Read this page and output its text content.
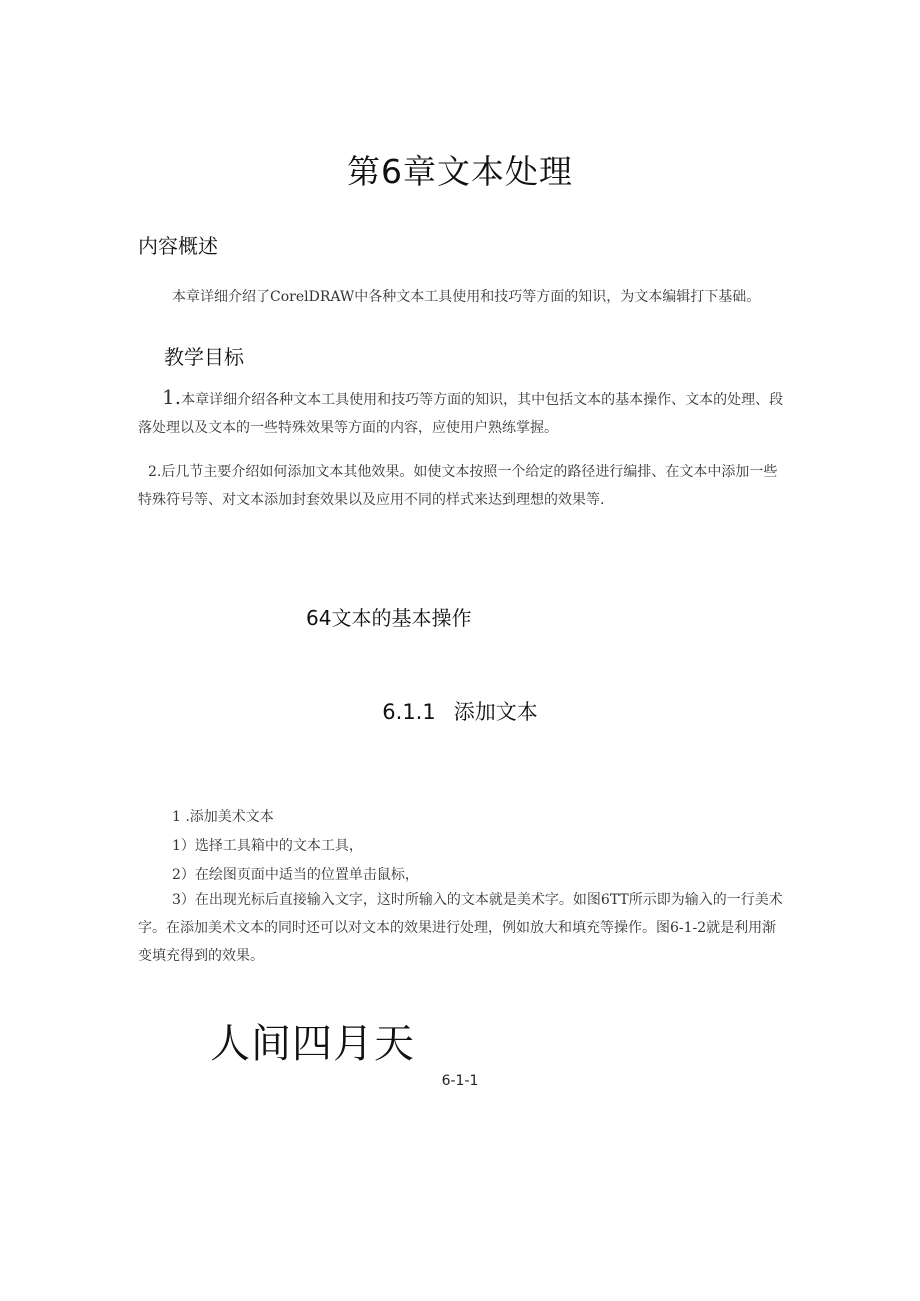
第6章文本处理
内容概述

本章详细介绍了CorelDRAW中各种文本工具使用和技巧等方面的知识，为文本编辑打下基础。

教学目标

1.本章详细介绍各种文本工具使用和技巧等方面的知识，其中包括文本的基本操作、文本的处理、段落处理以及文本的一些特殊效果等方面的内容，应使用户熟练掌握。

2.后几节主要介绍如何添加文本其他效果。如使文本按照一个给定的路径进行编排、在文本中添加一些特殊符号等、对文本添加封套效果以及应用不同的样式来达到理想的效果等.

64文本的基本操作
6.1.1 添加文本

1 .添加美术文本

1）选择工具箱中的文本工具，

2）在绘图页面中适当的位置单击鼠标，

3）在出现光标后直接输入文字，这时所输入的文本就是美术字。如图6TT所示即为输入的一行美术字。在添加美术文本的同时还可以对文本的效果进行处理，例如放大和填充等操作。图6-1-2就是利用渐变填充得到的效果。

人间四月天
6-1-1
